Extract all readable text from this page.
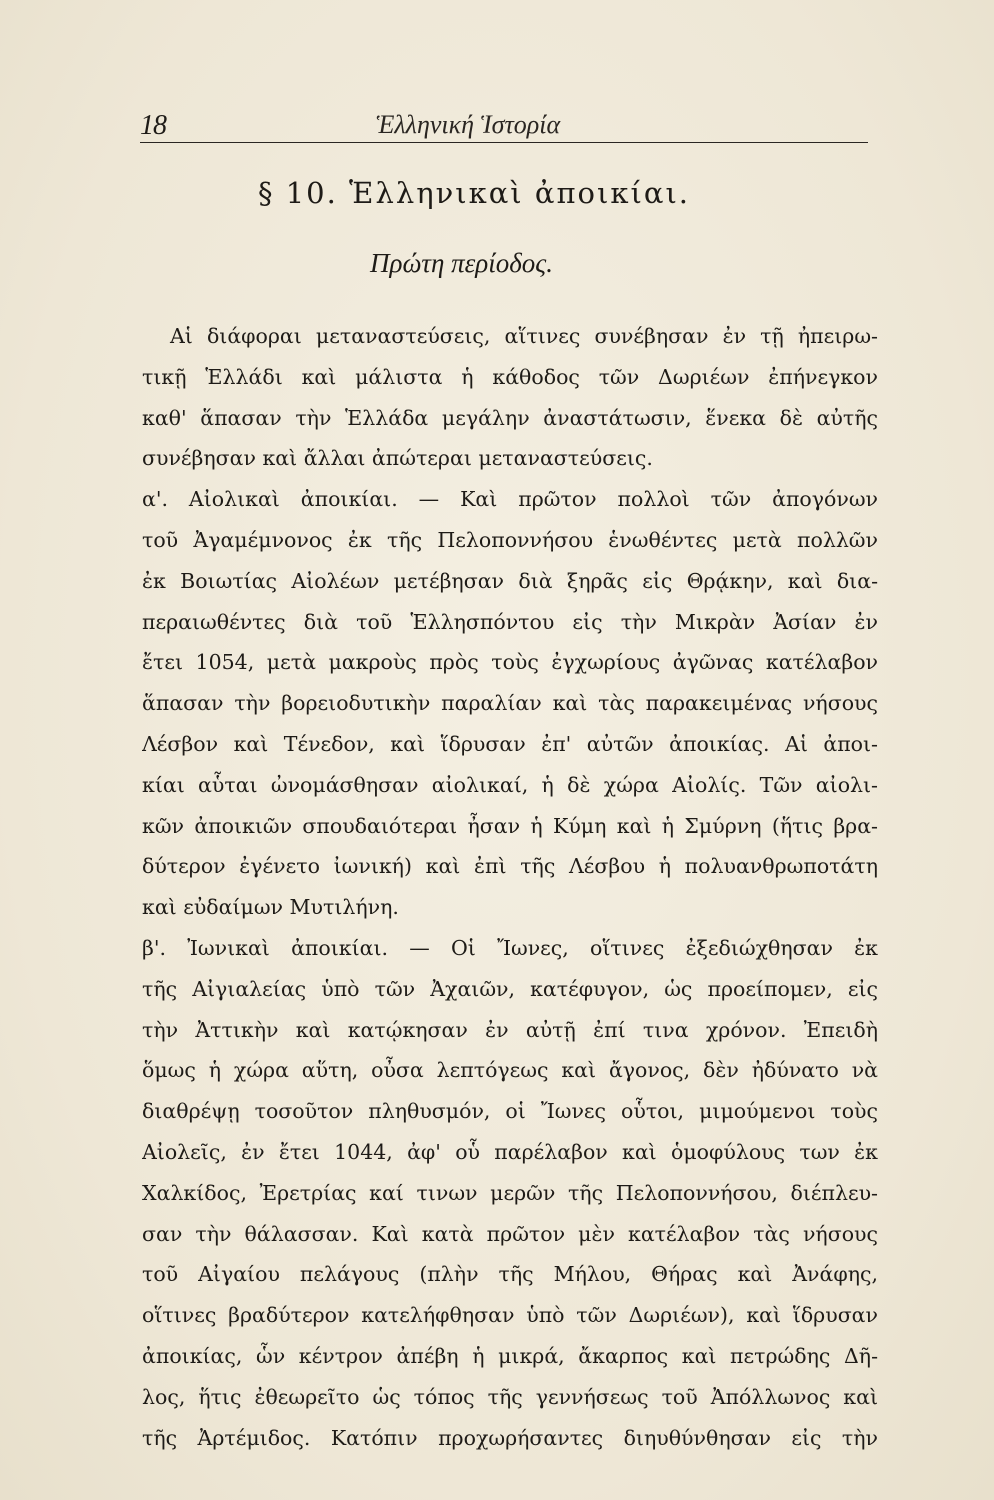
18	Ἑλληνική Ἱστορία
§ 10. Ἑλληνικαὶ ἀποικίαι.
Πρώτη περίοδος.
Αἱ διάφοραι μεταναστεύσεις, αἵτινες συνέβησαν ἐν τῇ ἠπειρω-
τικῇ Ἑλλάδι καὶ μάλιστα ἡ κάθοδος τῶν Δωριέων ἐπήνεγκον
καθ' ἅπασαν τὴν Ἑλλάδα μεγάλην ἀναστάτωσιν, ἕνεκα δὲ αὐτῆς
συνέβησαν καὶ ἄλλαι ἀπώτεραι μεταναστεύσεις.
α'. Αἰολικαὶ ἀποικίαι. — Καὶ πρῶτον πολλοὶ τῶν ἀπογόνων
τοῦ Ἀγαμέμνονος ἐκ τῆς Πελοποννήσου ἑνωθέντες μετὰ πολλῶν
ἐκ Βοιωτίας Αἰολέων μετέβησαν διὰ ξηρᾶς εἰς Θρᾴκην, καὶ δια-
περαιωθέντες διὰ τοῦ Ἑλλησπόντου εἰς τὴν Μικρὰν Ἀσίαν ἐν
ἔτει 1054, μετὰ μακροὺς πρὸς τοὺς ἐγχωρίους ἀγῶνας κατέλαβον
ἅπασαν τὴν βορειοδυτικὴν παραλίαν καὶ τὰς παρακειμένας νήσους
Λέσβον καὶ Τένεδον, καὶ ἵδρυσαν ἐπ' αὐτῶν ἀποικίας. Αἱ ἀποι-
κίαι αὗται ὠνομάσθησαν αἰολικαί, ἡ δὲ χώρα Αἰολίς. Τῶν αἰολι-
κῶν ἀποικιῶν σπουδαιότεραι ἦσαν ἡ Κύμη καὶ ἡ Σμύρνη (ἥτις βρα-
δύτερον ἐγένετο ἰωνική) καὶ ἐπὶ τῆς Λέσβου ἡ πολυανθρωποτάτη
καὶ εὐδαίμων Μυτιλήνη.
β'. Ἰωνικαὶ ἀποικίαι. — Οἱ Ἴωνες, οἵτινες ἐξεδιώχθησαν ἐκ
τῆς Αἰγιαλείας ὑπὸ τῶν Ἀχαιῶν, κατέφυγον, ὡς προείπομεν, εἰς
τὴν Ἀττικὴν καὶ κατῴκησαν ἐν αὐτῇ ἐπί τινα χρόνον. Ἐπειδὴ
ὅμως ἡ χώρα αὕτη, οὖσα λεπτόγεως καὶ ἄγονος, δὲν ἠδύνατο νὰ
διαθρέψῃ τοσοῦτον πληθυσμόν, οἱ Ἴωνες οὗτοι, μιμούμενοι τοὺς
Αἰολεῖς, ἐν ἔτει 1044, ἀφ' οὗ παρέλαβον καὶ ὁμοφύλους των ἐκ
Χαλκίδος, Ἐρετρίας καί τινων μερῶν τῆς Πελοποννήσου, διέπλευ-
σαν τὴν θάλασσαν. Καὶ κατὰ πρῶτον μὲν κατέλαβον τὰς νήσους
τοῦ Αἰγαίου πελάγους (πλὴν τῆς Μήλου, Θήρας καὶ Ἀνάφης,
οἵτινες βραδύτερον κατελήφθησαν ὑπὸ τῶν Δωριέων), καὶ ἵδρυσαν
ἀποικίας, ὧν κέντρον ἀπέβη ἡ μικρά, ἄκαρπος καὶ πετρώδης Δῆ-
λος, ἥτις ἐθεωρεῖτο ὡς τόπος τῆς γεννήσεως τοῦ Ἀπόλλωνος καὶ
τῆς Ἀρτέμιδος. Κατόπιν προχωρήσαντες διηυθύνθησαν εἰς τὴν
